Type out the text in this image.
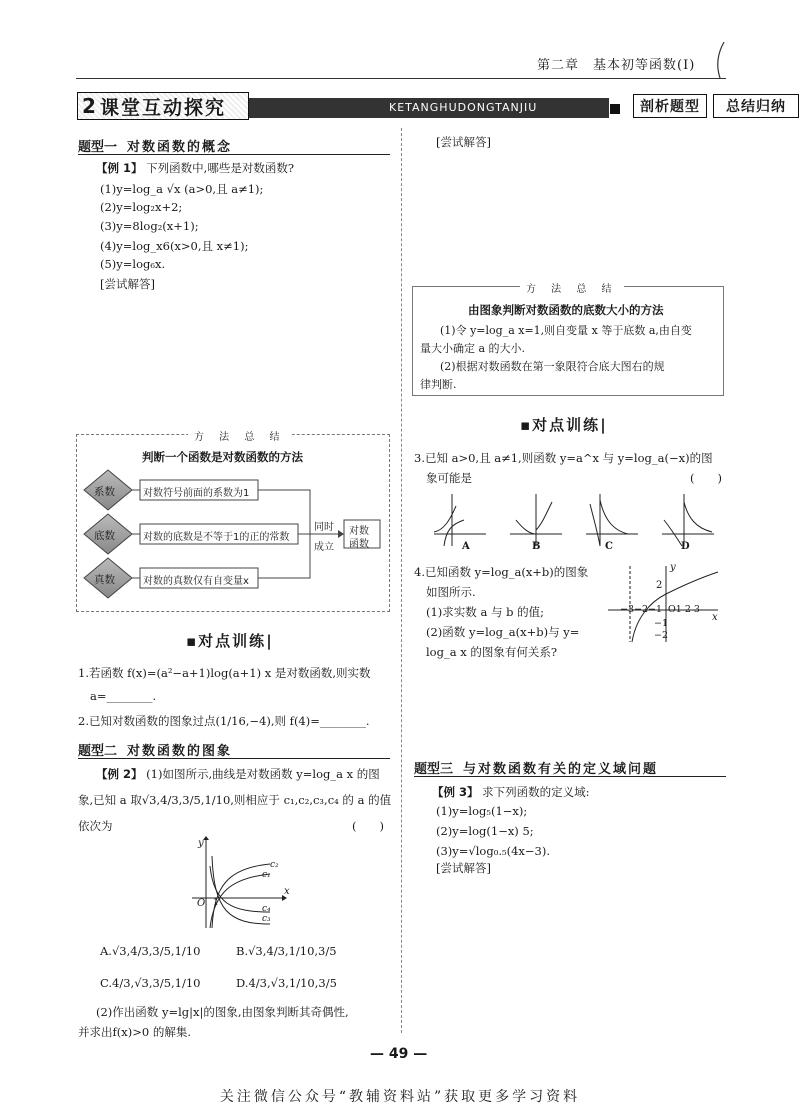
第二章　基本初等函数(Ⅰ)
2 课堂互动探究	KETANGHUDONGTANJIU	剖析题型	总结归纳
题型一 对数函数的概念
【例 1】 下列函数中,哪些是对数函数?
(1)y=log_a √x (a>0,且 a≠1);
(2)y=log₂x+2;
(3)y=8log₂(x+1);
(4)y=log_x6(x>0,且 x≠1);
(5)y=log₆x.
[尝试解答]
方 法 总 结
判断一个函数是对数函数的方法
系数
底数
真数
对数符号前面的系数为1
对数的底数是不等于1的正的常数
对数的真数仅有自变量x
同时
成立
对数
函数
▪对点训练|
1.若函数 f(x)=(a²−a+1)log(a+1) x 是对数函数,则实数
a=________.
2.已知对数函数的图象过点(1/16,−4),则 f(4)=________.
题型二 对数函数的图象
【例 2】 (1)如图所示,曲线是对数函数 y=log_a x 的图
象,已知 a 取√3,4/3,3/5,1/10,则相应于 c₁,c₂,c₃,c₄ 的 a 的值
依次为	(　　)
c₂
c₁
c₄
c₃
y
x
O 1
A.√3,4/3,3/5,1/10	B.√3,4/3,1/10,3/5
C.4/3,√3,3/5,1/10	D.4/3,√3,1/10,3/5
(2)作出函数 y=lg|x|的图象,由图象判断其奇偶性,
并求出f(x)>0 的解集.
[尝试解答]
方 法 总 结
由图象判断对数函数的底数大小的方法
(1)令 y=log_a x=1,则自变量 x 等于底数 a,由自变
量大小确定 a 的大小.
(2)根据对数函数在第一象限符合底大图右的规
律判断.
▪对点训练|
3.已知 a>0,且 a≠1,则函数 y=a^x 与 y=log_a(−x)的图
象可能是	(　　)
A	B	C	D
4.已知函数 y=log_a(x+b)的图象
如图所示.
(1)求实数 a 与 b 的值;
(2)函数 y=log_a(x+b)与 y=
log_a x 的图象有何关系?
2
−3−2−1 O1 2 3
−1
−2
x
y
题型三 与对数函数有关的定义域问题
【例 3】 求下列函数的定义域:
(1)y=log₅(1−x);
(2)y=log(1−x) 5;
(3)y=√log₀.₅(4x−3).
[尝试解答]
— 49 —
关注微信公众号“教辅资料站”获取更多学习资料
